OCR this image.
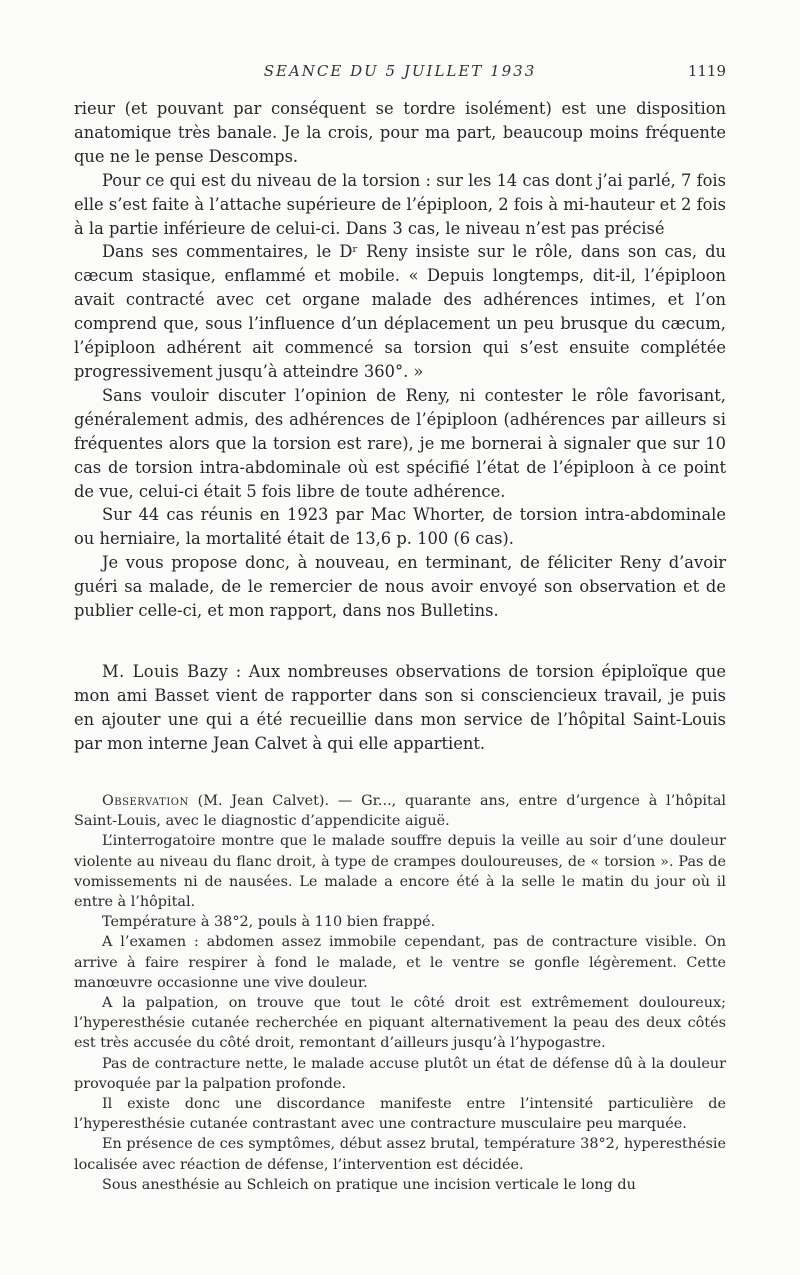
SEANCE DU 5 JUILLET 1933	1119

rieur (et pouvant par conséquent se tordre isolément) est une disposition anatomique très banale. Je la crois, pour ma part, beaucoup moins fréquente que ne le pense Descomps.

Pour ce qui est du niveau de la torsion : sur les 14 cas dont j’ai parlé, 7 fois elle s’est faite à l’attache supérieure de l’épiploon, 2 fois à mi-hauteur et 2 fois à la partie inférieure de celui-ci. Dans 3 cas, le niveau n’est pas précisé

Dans ses commentaires, le Dʳ Reny insiste sur le rôle, dans son cas, du cæcum stasique, enflammé et mobile. « Depuis longtemps, dit-il, l’épiploon avait contracté avec cet organe malade des adhérences intimes, et l’on comprend que, sous l’influence d’un déplacement un peu brusque du cæcum, l’épiploon adhérent ait commencé sa torsion qui s’est ensuite complétée progressivement jusqu’à atteindre 360°. »

Sans vouloir discuter l’opinion de Reny, ni contester le rôle favorisant, généralement admis, des adhérences de l’épiploon (adhérences par ailleurs si fréquentes alors que la torsion est rare), je me bornerai à signaler que sur 10 cas de torsion intra-abdominale où est spécifié l’état de l’épiploon à ce point de vue, celui-ci était 5 fois libre de toute adhérence.

Sur 44 cas réunis en 1923 par Mac Whorter, de torsion intra-abdominale ou herniaire, la mortalité était de 13,6 p. 100 (6 cas).

Je vous propose donc, à nouveau, en terminant, de féliciter Reny d’avoir guéri sa malade, de le remercier de nous avoir envoyé son observation et de publier celle-ci, et mon rapport, dans nos Bulletins.

M. Louis Bazy : Aux nombreuses observations de torsion épiploïque que mon ami Basset vient de rapporter dans son si consciencieux travail, je puis en ajouter une qui a été recueillie dans mon service de l’hôpital Saint-Louis par mon interne Jean Calvet à qui elle appartient.

Observation (M. Jean Calvet). — Gr..., quarante ans, entre d’urgence à l’hôpital Saint-Louis, avec le diagnostic d’appendicite aiguë.

L’interrogatoire montre que le malade souffre depuis la veille au soir d’une douleur violente au niveau du flanc droit, à type de crampes douloureuses, de « torsion ». Pas de vomissements ni de nausées. Le malade a encore été à la selle le matin du jour où il entre à l’hôpital.

Température à 38°2, pouls à 110 bien frappé.

A l’examen : abdomen assez immobile cependant, pas de contracture visible. On arrive à faire respirer à fond le malade, et le ventre se gonfle légèrement. Cette manœuvre occasionne une vive douleur.

A la palpation, on trouve que tout le côté droit est extrêmement douloureux; l’hyperesthésie cutanée recherchée en piquant alternativement la peau des deux côtés est très accusée du côté droit, remontant d’ailleurs jusqu’à l’hypogastre.

Pas de contracture nette, le malade accuse plutôt un état de défense dû à la douleur provoquée par la palpation profonde.

Il existe donc une discordance manifeste entre l’intensité particulière de l’hyperesthésie cutanée contrastant avec une contracture musculaire peu marquée.

En présence de ces symptômes, début assez brutal, température 38°2, hyperesthésie localisée avec réaction de défense, l’intervention est décidée.

Sous anesthésie au Schleich on pratique une incision verticale le long du
